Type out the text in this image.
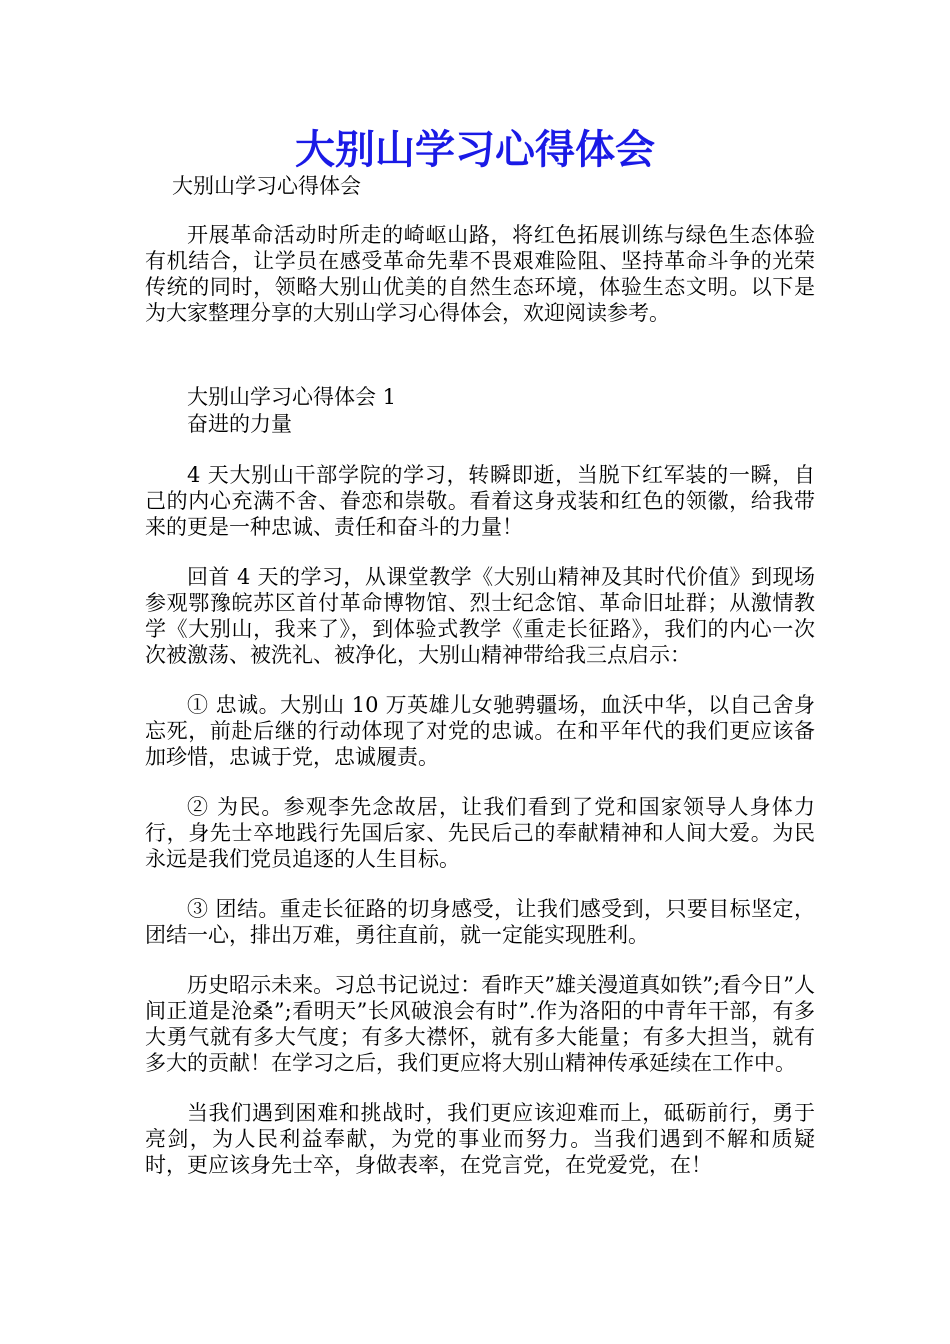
大别山学习心得体会
大别山学习心得体会

开展革命活动时所走的崎岖山路，将红色拓展训练与绿色生态体验有机结合，让学员在感受革命先辈不畏艰难险阻、坚持革命斗争的光荣传统的同时，领略大别山优美的自然生态环境，体验生态文明。以下是为大家整理分享的大别山学习心得体会，欢迎阅读参考。

大别山学习心得体会 1
奋进的力量

4 天大别山干部学院的学习，转瞬即逝，当脱下红军装的一瞬，自己的内心充满不舍、眷恋和崇敬。看着这身戎装和红色的领徽，给我带来的更是一种忠诚、责任和奋斗的力量！

回首 4 天的学习，从课堂教学《大别山精神及其时代价值》到现场参观鄂豫皖苏区首付革命博物馆、烈士纪念馆、革命旧址群；从激情教学《大别山，我来了》，到体验式教学《重走长征路》，我们的内心一次次被激荡、被洗礼、被净化，大别山精神带给我三点启示：

① 忠诚。大别山 10 万英雄儿女驰骋疆场，血沃中华，以自己舍身忘死，前赴后继的行动体现了对党的忠诚。在和平年代的我们更应该备加珍惜，忠诚于党，忠诚履责。

② 为民。参观李先念故居，让我们看到了党和国家领导人身体力行，身先士卒地践行先国后家、先民后己的奉献精神和人间大爱。为民永远是我们党员追逐的人生目标。

③ 团结。重走长征路的切身感受，让我们感受到，只要目标坚定，团结一心，排出万难，勇往直前，就一定能实现胜利。

历史昭示未来。习总书记说过：看昨天”雄关漫道真如铁”;看今日”人间正道是沧桑”;看明天”长风破浪会有时”.作为洛阳的中青年干部，有多大勇气就有多大气度；有多大襟怀，就有多大能量；有多大担当，就有多大的贡献！在学习之后，我们更应将大别山精神传承延续在工作中。

当我们遇到困难和挑战时，我们更应该迎难而上，砥砺前行，勇于亮剑，为人民利益奉献，为党的事业而努力。当我们遇到不解和质疑时，更应该身先士卒，身做表率，在党言党，在党爱党，在！
